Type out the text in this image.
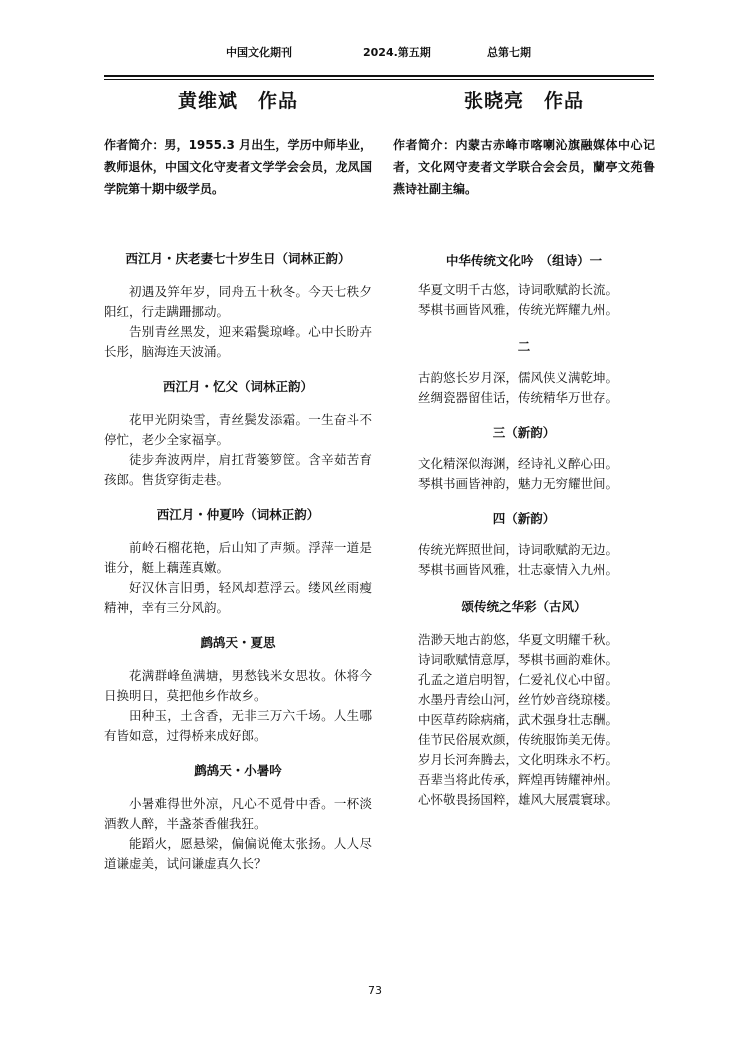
中国文化期刊	2024.第五期	总第七期
黄维斌　作品

作者简介：男，1955.3 月出生，学历中师毕业，教师退休，中国文化守麦者文学学会会员，龙凤国学院第十期中级学员。

西江月・庆老妻七十岁生日（词林正韵）

初遇及笄年岁，同舟五十秋冬。今天七秩夕阳红，行走蹒跚挪动。

告别青丝黑发，迎来霜鬓琼峰。心中长盼卉长彤，脑海连天波涌。

西江月・忆父（词林正韵）

花甲光阴染雪，青丝鬓发添霜。一生奋斗不停忙，老少全家福享。

徒步奔波两岸，肩扛背篓箩筐。含辛茹苦育孩郎。售货穿街走巷。

西江月・仲夏吟（词林正韵）

前岭石榴花艳，后山知了声频。浮萍一道是谁分，艇上藕莲真嫩。

好汉休言旧勇，轻风却惹浮云。缕风丝雨瘦精神，幸有三分风韵。

鹧鸪天・夏思

花满群峰鱼满塘，男愁钱米女思妆。休将今日换明日，莫把他乡作故乡。

田种玉，土含香，无非三万六千场。人生哪有皆如意，过得桥来成好郎。

鹧鸪天・小暑吟

小暑难得世外凉，凡心不觅骨中香。一杯淡酒教人醉，半盏茶香催我狂。

能蹈火，愿悬梁，偏偏说俺太张扬。人人尽道谦虚美，试问谦虚真久长？

张晓亮　作品

作者简介：内蒙古赤峰市喀喇沁旗融媒体中心记者，文化网守麦者文学联合会会员，蘭亭文苑鲁燕诗社副主编。

中华传统文化吟　（组诗）一

华夏文明千古悠，诗词歌赋韵长流。

琴棋书画皆风雅，传统光辉耀九州。

二

古韵悠长岁月深，儒风侠义满乾坤。

丝绸瓷器留佳话，传统精华万世存。

三（新韵）

文化精深似海渊，经诗礼义醉心田。

琴棋书画皆神韵，魅力无穷耀世间。

四（新韵）

传统光辉照世间，诗词歌赋韵无边。

琴棋书画皆风雅，壮志豪情入九州。

颂传统之华彩（古风）

浩渺天地古韵悠，华夏文明耀千秋。

诗词歌赋情意厚，琴棋书画韵难休。

孔孟之道启明智，仁爱礼仪心中留。

水墨丹青绘山河，丝竹妙音绕琼楼。

中医草药除病痛，武术强身壮志酬。

佳节民俗展欢颜，传统服饰美无俦。

岁月长河奔腾去，文化明珠永不朽。

吾辈当将此传承，辉煌再铸耀神州。

心怀敬畏扬国粹，雄风大展震寰球。

73
